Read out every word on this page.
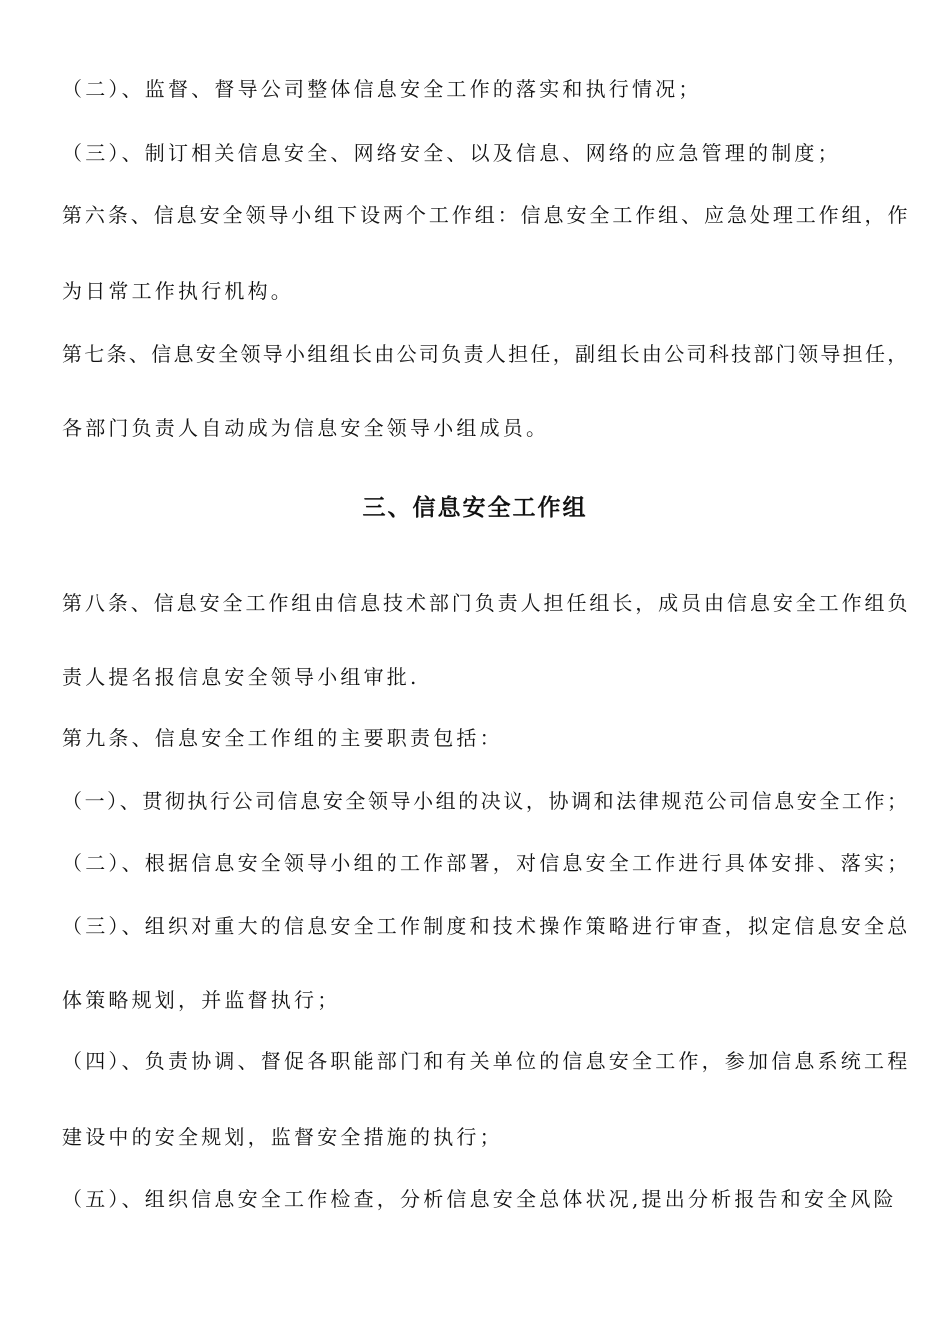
（二）、监督、督导公司整体信息安全工作的落实和执行情况；
（三）、制订相关信息安全、网络安全、以及信息、网络的应急管理的制度；
第六条、信息安全领导小组下设两个工作组：信息安全工作组、应急处理工作组，作
为日常工作执行机构。
第七条、信息安全领导小组组长由公司负责人担任，副组长由公司科技部门领导担任，
各部门负责人自动成为信息安全领导小组成员。
三、信息安全工作组
第八条、信息安全工作组由信息技术部门负责人担任组长，成员由信息安全工作组负
责人提名报信息安全领导小组审批.
第九条、信息安全工作组的主要职责包括：
（一）、贯彻执行公司信息安全领导小组的决议，协调和法律规范公司信息安全工作；
（二）、根据信息安全领导小组的工作部署，对信息安全工作进行具体安排、落实；
（三）、组织对重大的信息安全工作制度和技术操作策略进行审查，拟定信息安全总
体策略规划，并监督执行；
（四）、负责协调、督促各职能部门和有关单位的信息安全工作，参加信息系统工程
建设中的安全规划，监督安全措施的执行；
（五）、组织信息安全工作检查，分析信息安全总体状况,提出分析报告和安全风险
